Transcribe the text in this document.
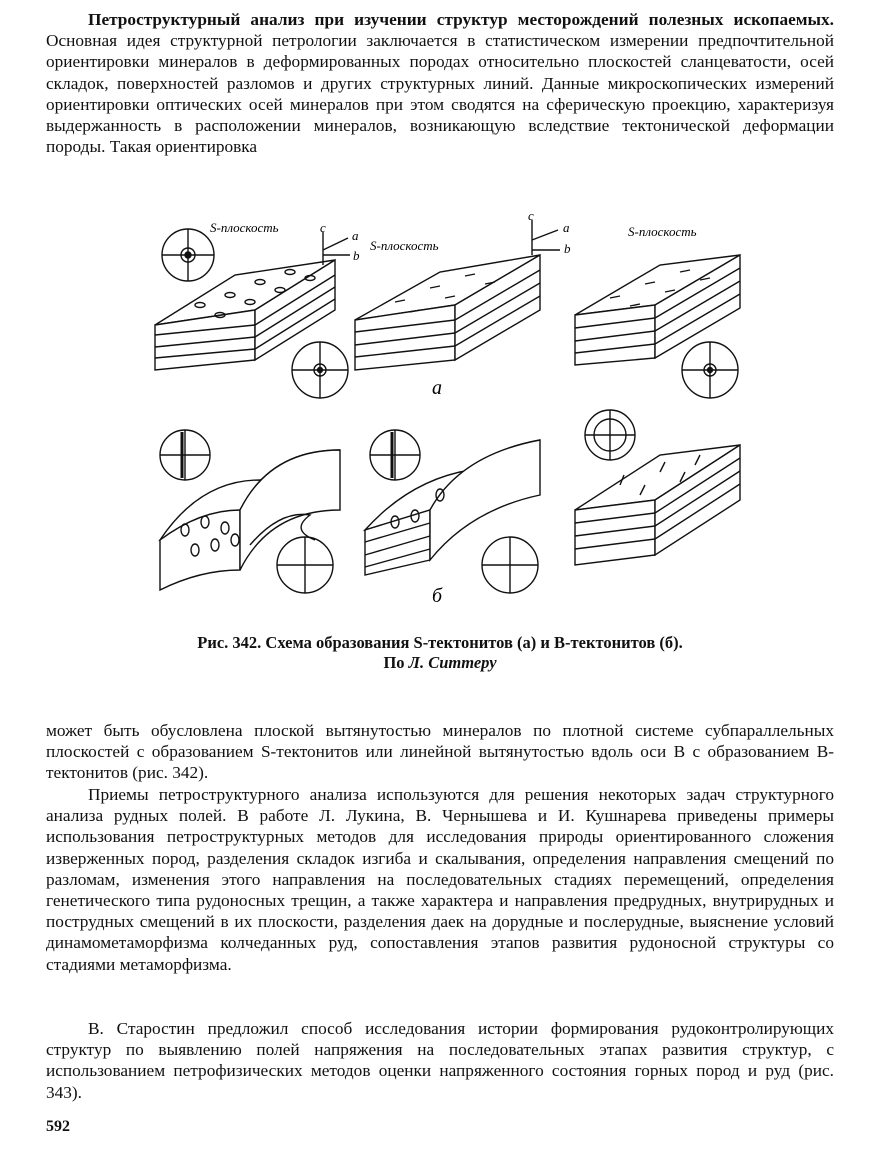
Петроструктурный анализ при изучении структур месторождений полезных ископаемых. Основная идея структурной петрологии заключается в статистическом измерении предпочтительной ориентировки минералов в деформированных породах относительно плоскостей сланцеватости, осей складок, поверхностей разломов и других структурных линий. Данные микроскопических измерений ориентировки оптических осей минералов при этом сводятся на сферическую проекцию, характеризуя выдержанность в расположении минералов, возникающую вследствие тектонической деформации породы. Такая ориентировка

S-плоскость
S-плоскость
S-плоскость
c
a
b
c
a
b
а
б
Рис. 342. Схема образования S-тектонитов (а) и B-тектонитов (б).
По Л. Ситтеру

может быть обусловлена плоской вытянутостью минералов по плотной системе субпараллельных плоскостей с образованием S-тектонитов или линейной вытянутостью вдоль оси B с образованием B-тектонитов (рис. 342).

Приемы петроструктурного анализа используются для решения некоторых задач структурного анализа рудных полей. В работе Л. Лукина, В. Чернышева и И. Кушнарева приведены примеры использования петроструктурных методов для исследования природы ориентированного сложения изверженных пород, разделения складок изгиба и скалывания, определения направления смещений по разломам, изменения этого направления на последовательных стадиях перемещений, определения генетического типа рудоносных трещин, а также характера и направления предрудных, внутрирудных и пострудных смещений в их плоскости, разделения даек на дорудные и послерудные, выяснение условий динамометаморфизма колчеданных руд, сопоставления этапов развития рудоносной структуры со стадиями метаморфизма.

В. Старостин предложил способ исследования истории формирования рудоконтролирующих структур по выявлению полей напряжения на последовательных этапах развития структур, с использованием петрофизических методов оценки напряженного состояния горных пород и руд (рис. 343).

592
